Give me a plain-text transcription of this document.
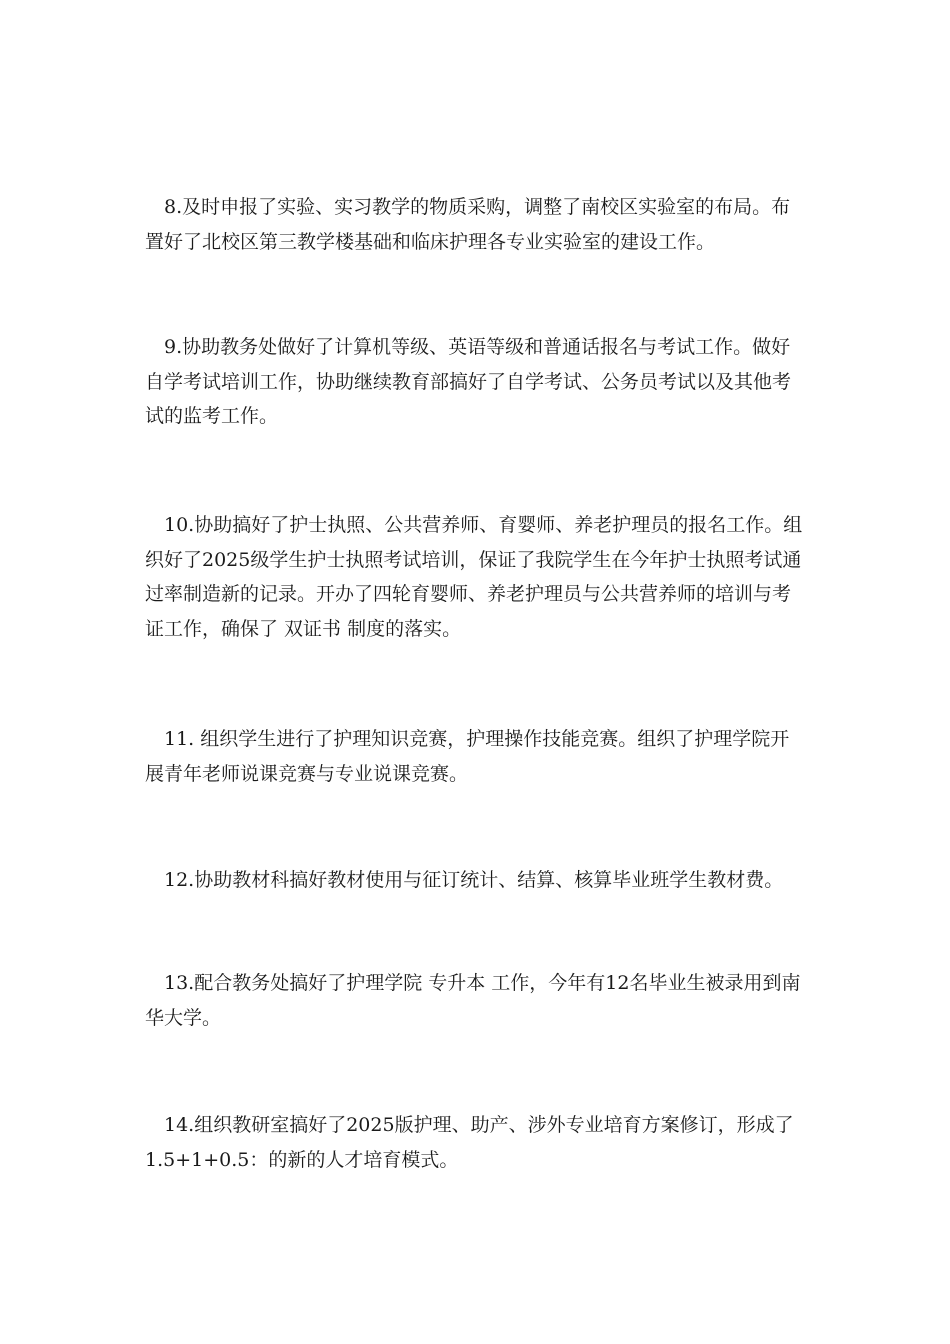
8.及时申报了实验、实习教学的物质采购，调整了南校区实验室的布局。布置好了北校区第三教学楼基础和临床护理各专业实验室的建设工作。

9.协助教务处做好了计算机等级、英语等级和普通话报名与考试工作。做好自学考试培训工作，协助继续教育部搞好了自学考试、公务员考试以及其他考试的监考工作。

10.协助搞好了护士执照、公共营养师、育婴师、养老护理员的报名工作。组织好了2025级学生护士执照考试培训，保证了我院学生在今年护士执照考试通过率制造新的记录。开办了四轮育婴师、养老护理员与公共营养师的培训与考证工作，确保了 双证书 制度的落实。

11. 组织学生进行了护理知识竞赛，护理操作技能竞赛。组织了护理学院开展青年老师说课竞赛与专业说课竞赛。

12.协助教材科搞好教材使用与征订统计、结算、核算毕业班学生教材费。

13.配合教务处搞好了护理学院 专升本 工作，今年有12名毕业生被录用到南华大学。

14.组织教研室搞好了2025版护理、助产、涉外专业培育方案修订，形成了1.5+1+0.5：的新的人才培育模式。
